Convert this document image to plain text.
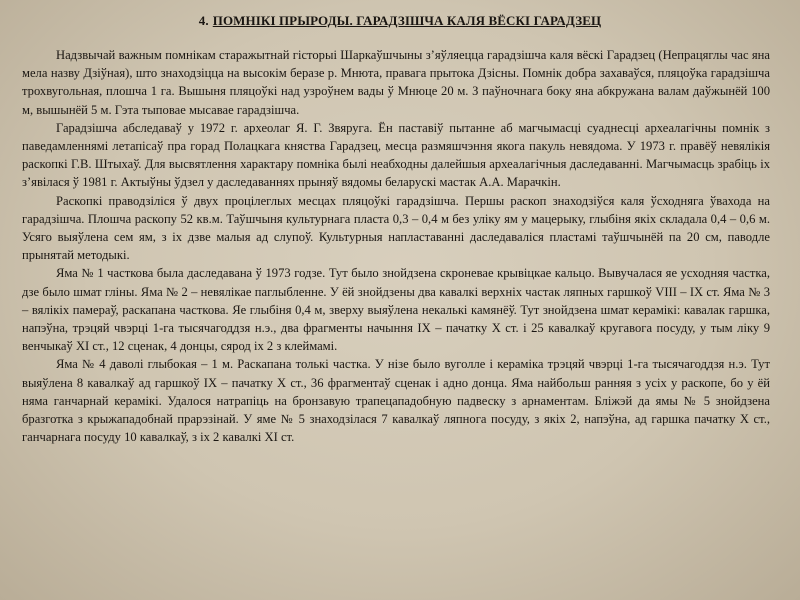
4. ПОМНІКІ ПРЫРОДЫ. ГАРАДЗІШЧА КАЛЯ ВЁСКІ ГАРАДЗЕЦ

Надзвычай важным помнікам старажытнай гісторыі Шаркаўшчыны з’яўляецца гарадзішча каля вёскі Гарадзец (Непрацяглы час яна мела назву Дзіўная), што знаходзіцца на высокім беразе р. Мнюта, правага прытока Дзісны. Помнік добра захаваўся, пляцоўка гарадзішча трохвугольная, плошча 1 га. Вышыня пляцоўкі над узроўнем вады ў Мнюце 20 м. З паўночнага боку яна абкружана валам даўжынёй 100 м, вышынёй 5 м. Гэта тыповае мысавае гарадзішча.

Гарадзішча абследаваў у 1972 г. археолаг Я. Г. Звяруга. Ён паставіў пытанне аб магчымасці суаднесці археалагічны помнік з паведамленнямі летапісаў пра горад Полацкага княства Гарадзец, месца размяшчэння якога пакуль невядома. У 1973 г. правёў невялікія раскопкі Г.В. Штыхаў. Для высвятлення характару помніка былі неабходны далейшыя археалагічныя даследаванні. Магчымасць зрабіць іх з’явілася ў 1981 г. Актыўны ўдзел у даследаваннях прыняў вядомы беларускі мастак А.А. Марачкін.

Раскопкі праводзіліся ў двух процілеглых месцах пляцоўкі гарадзішча. Першы раскоп знаходзіўся каля ўсходняга ўвахода на гарадзішча. Плошча раскопу 52 кв.м. Таўшчыня культурнага пласта 0,3 – 0,4 м без уліку ям у мацерыку, глыбіня якіх складала 0,4 – 0,6 м. Усяго выяўлена сем ям, з іх дзве малыя ад слупоў. Культурныя напластаванні даследаваліся пластамі таўшчынёй па 20 см, паводле прынятай методыкі.

Яма № 1 часткова была даследавана ў 1973 годзе. Тут было знойдзена скроневае крывіцкае кальцо. Вывучалася яе усходняя частка, дзе было шмат гліны. Яма № 2 – невялікае паглыбленне. У ёй знойдзены два кавалкі верхніх частак ляпных гаршкоў VIII – IX ст. Яма № 3 – вялікіх памераў, раскапана часткова. Яе глыбіня 0,4 м, зверху выяўлена некалькі камянёў. Тут знойдзена шмат керамікі: кавалак гаршка, напэўна, трэцяй чвэрці 1-га тысячагоддзя н.э., два фрагменты начыння IX – пачатку X ст. і 25 кавалкаў кругавога посуду, у тым ліку 9 венчыкаў XI ст., 12 сценак, 4 донцы, сярод іх 2 з клеймамі.

Яма № 4 даволі глыбокая – 1 м. Раскапана толькі частка. У нізе было вуголле і кераміка трэцяй чвэрці 1-га тысячагоддзя н.э. Тут выяўлена 8 кавалкаў ад гаршкоў IX – пачатку X ст., 36 фрагментаў сценак і адно донца. Яма найбольш ранняя з усіх у раскопе, бо у ёй няма ганчарнай керамікі. Удалося натрапіць на бронзавую трапецападобную падвеску з арнаментам. Бліжэй да ямы № 5 знойдзена бразготка з крыжападобнай прарэзінай. У яме № 5 знаходзілася 7 кавалкаў ляпнога посуду, з якіх 2, напэўна, ад гаршка пачатку X ст., ганчарнага посуду 10 кавалкаў, з іх 2 кавалкі XI ст.
